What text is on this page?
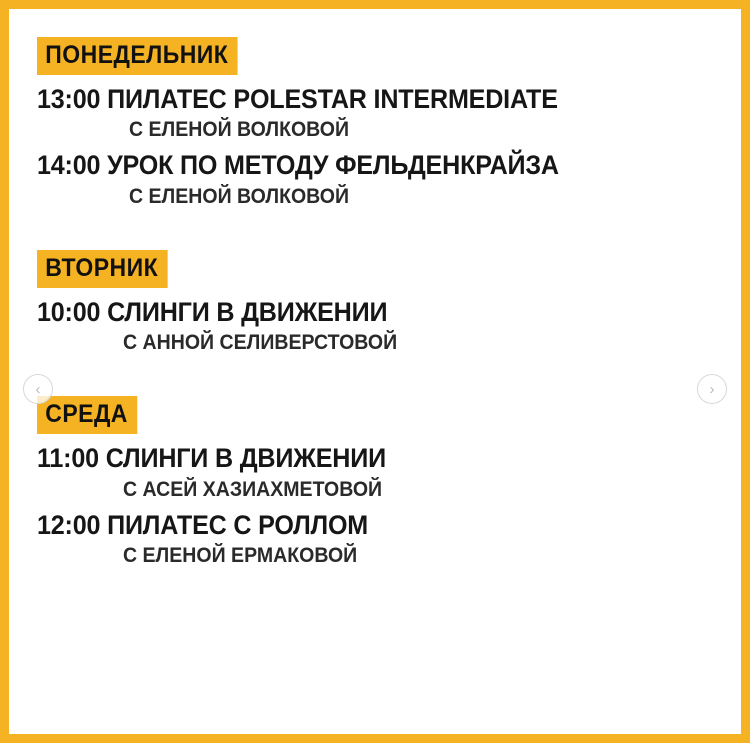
ПОНЕДЕЛЬНИК
13:00 ПИЛАТЕС POLESTAR INTERMEDIATE
С ЕЛЕНОЙ ВОЛКОВОЙ
14:00 УРОК ПО МЕТОДУ ФЕЛЬДЕНКРАЙЗА
С ЕЛЕНОЙ ВОЛКОВОЙ
ВТОРНИК
10:00 СЛИНГИ В ДВИЖЕНИИ
С АННОЙ СЕЛИВЕРСТОВОЙ
СРЕДА
11:00 СЛИНГИ В ДВИЖЕНИИ
С АСЕЙ ХАЗИАХМЕТОВОЙ
12:00 ПИЛАТЕС С РОЛЛОМ
С ЕЛЕНОЙ ЕРМАКОВОЙ
‹	›
